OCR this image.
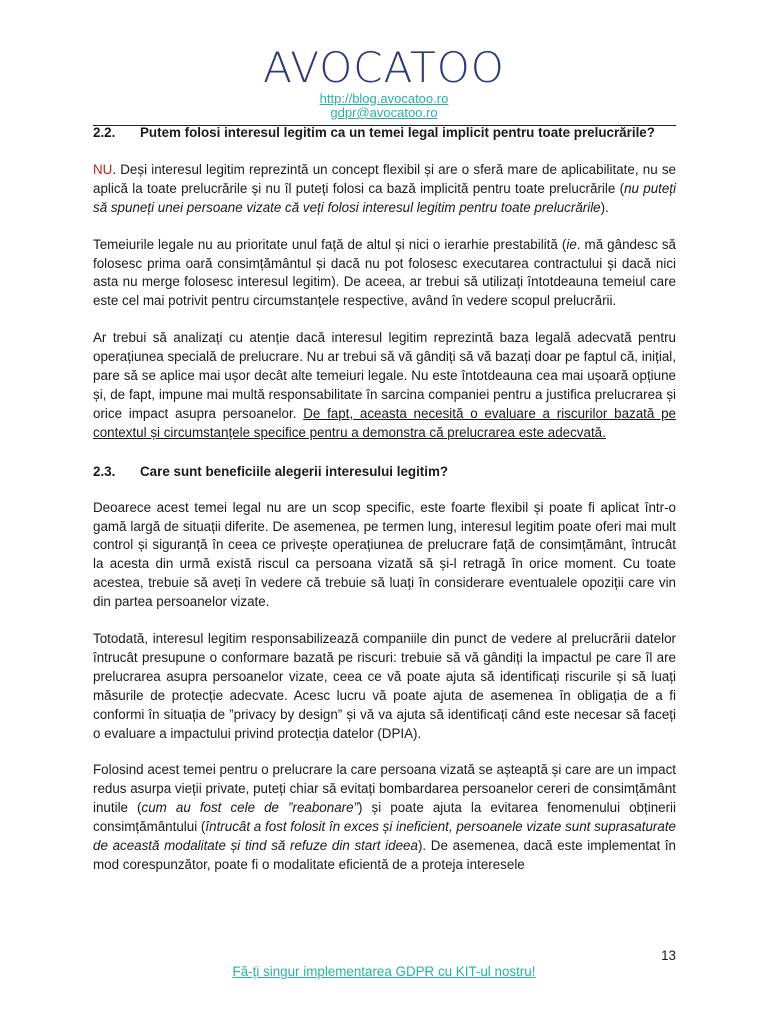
AVOCATOO
http://blog.avocatoo.ro
gdpr@avocatoo.ro
2.2.	Putem folosi interesul legitim ca un temei legal implicit pentru toate prelucrările?

NU. Deși interesul legitim reprezintă un concept flexibil și are o sferă mare de aplicabilitate, nu se aplică la toate prelucrările și nu îl puteți folosi ca bază implicită pentru toate prelucrările (nu puteți să spuneți unei persoane vizate că veți folosi interesul legitim pentru toate prelucrările).

Temeiurile legale nu au prioritate unul față de altul și nici o ierarhie prestabilită (ie. mă gândesc să folosesc prima oară consimțământul și dacă nu pot folosesc executarea contractului și dacă nici asta nu merge folosesc interesul legitim). De aceea, ar trebui să utilizați întotdeauna temeiul care este cel mai potrivit pentru circumstanțele respective, având în vedere scopul prelucrării.

Ar trebui să analizați cu atenție dacă interesul legitim reprezintă baza legală adecvată pentru operațiunea specială de prelucrare. Nu ar trebui să vă gândiți să vă bazați doar pe faptul că, inițial, pare să se aplice mai ușor decât alte temeiuri legale. Nu este întotdeauna cea mai ușoară opțiune și, de fapt, impune mai multă responsabilitate în sarcina companiei pentru a justifica prelucrarea și orice impact asupra persoanelor. De fapt, aceasta necesită o evaluare a riscurilor bazată pe contextul și circumstanțele specifice pentru a demonstra că prelucrarea este adecvată.

2.3.	Care sunt beneficiile alegerii interesului legitim?

Deoarece acest temei legal nu are un scop specific, este foarte flexibil și poate fi aplicat într-o gamă largă de situații diferite. De asemenea, pe termen lung, interesul legitim poate oferi mai mult control și siguranță în ceea ce privește operațiunea de prelucrare față de consimțământ, întrucât la acesta din urmă există riscul ca persoana vizată să și-l retragă în orice moment. Cu toate acestea, trebuie să aveți în vedere că trebuie să luați în considerare eventualele opoziții care vin din partea persoanelor vizate.

Totodată, interesul legitim responsabilizează companiile din punct de vedere al prelucrării datelor întrucât presupune o conformare bazată pe riscuri: trebuie să vă gândiți la impactul pe care îl are prelucrarea asupra persoanelor vizate, ceea ce vă poate ajuta să identificați riscurile și să luați măsurile de protecție adecvate. Acesc lucru vă poate ajuta de asemenea în obligația de a fi conformi în situația de ”privacy by design” și vă va ajuta să identificați când este necesar să faceți o evaluare a impactului privind protecția datelor (DPIA).

Folosind acest temei pentru o prelucrare la care persoana vizată se așteaptă și care are un impact redus asurpa vieții private, puteți chiar să evitați bombardarea persoanelor cereri de consimțământ inutile (cum au fost cele de ”reabonare”) și poate ajuta la evitarea fenomenului obținerii consimțământului (întrucât a fost folosit în exces și ineficient, persoanele vizate sunt suprasaturate de această modalitate și tind să refuze din start ideea). De asemenea, dacă este implementat în mod corespunzător, poate fi o modalitate eficientă de a proteja interesele

13
Fă-ți singur implementarea GDPR cu KIT-ul nostru!
